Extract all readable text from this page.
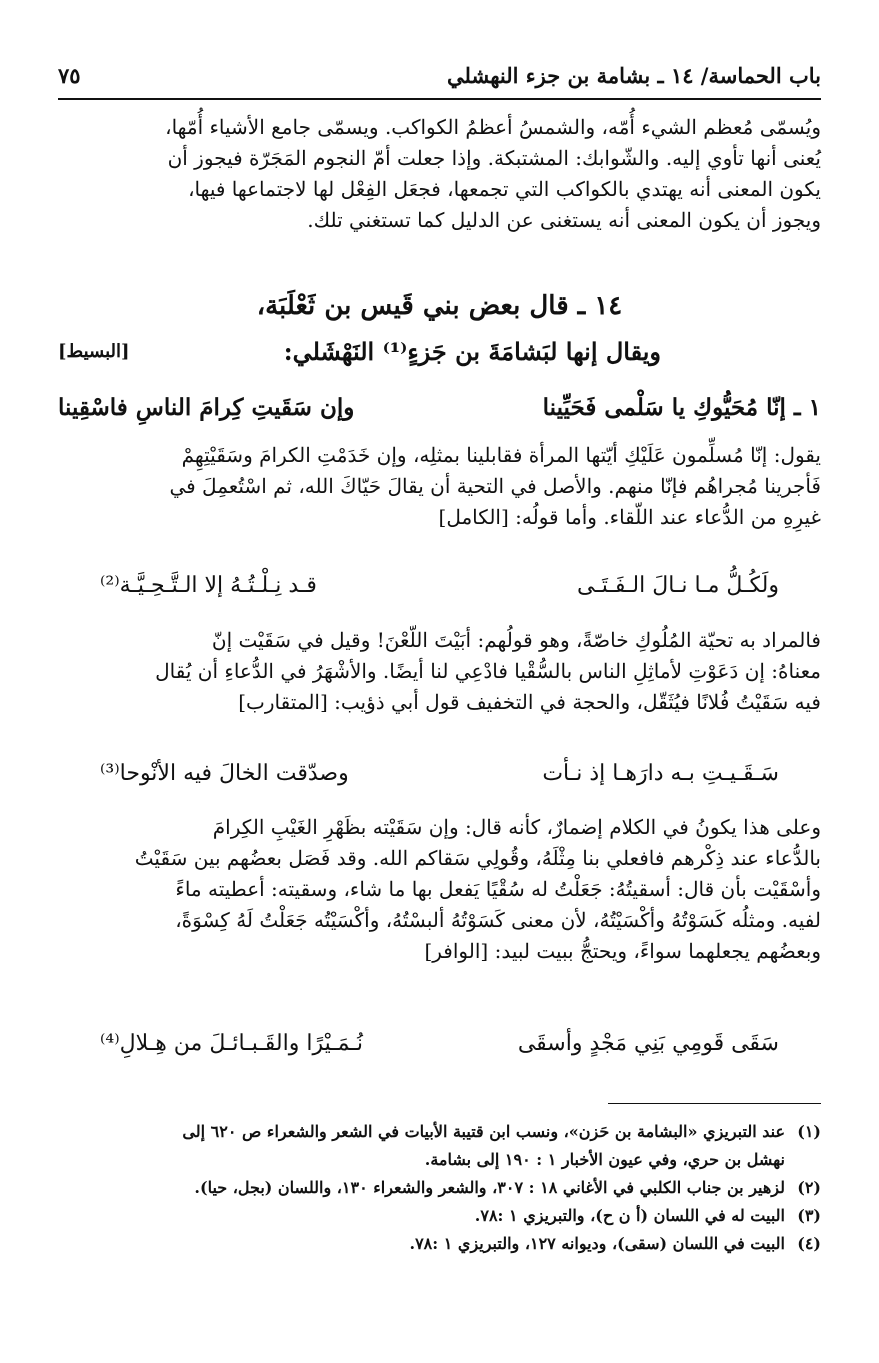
باب الحماسة/ ١٤ ـ بشامة بن جزء النهشلي
٧٥

ويُسمّى مُعظم الشيء أُمّه، والشمسُ أعظمُ الكواكب. ويسمّى جامع الأشياء أُمّها،

يُعنى أنها تأوي إليه. والشّوابك: المشتبكة. وإذا جعلت أمّ النجوم المَجَرّة فيجوز أن

يكون المعنى أنه يهتدي بالكواكب التي تجمعها، فجعَل الفِعْل لها لاجتماعها فيها،

ويجوز أن يكون المعنى أنه يستغنى عن الدليل كما تستغني تلك.

١٤ ـ قال بعض بني قَيس بن ثَعْلَبَة،
ويقال إنها لبَشامَةَ بن جَزءٍ⁽¹⁾ النَهْشَلي:
[البسيط]
١ ـ إنّا مُحَيُّوكِ يا سَلْمى فَحَيِّينا
وإن سَقَيتِ كِرامَ الناسِ فاسْقِينا

يقول: إنّا مُسلِّمون عَلَيْكِ أيّتها المرأة فقابلينا بمثلِه، وإن خَدَمْتِ الكرامَ وسَقَيْتِهِمْ

فَأجرينا مُجراهُم فإنّا منهم. والأصل في التحية أن يقالَ حَيّاكَ الله، ثم اسْتُعمِلَ في

غيرِهِ من الدُّعاء عند اللّقاء. وأما قولُه: [الكامل]

ولَكُـلُّ مـا نـالَ الـفَـتَـى
قـد نِـلْـتُـهُ إلا الـتَّـحِـيَّـة⁽²⁾

فالمراد به تحيّة المُلُوكِ خاصّةً، وهو قولُهم: أبَيْتَ اللّعْنَ! وقيل في سَقَيْت إنّ

معناهُ: إن دَعَوْتِ لأماثِلِ الناس بالسُّقْيا فادْعِي لنا أيضًا. والأشْهَرُ في الدُّعاءِ أن يُقال

فيه سَقَيْتُ فُلانًا فيُثَقّل، والحجة في التخفيف قول أبي ذؤيب: [المتقارب]

سَـقَـيـتِ بـه دارَهـا إذ نـأت
وصدّقت الخالَ فيه الأنْوحا⁽³⁾

وعلى هذا يكونُ في الكلام إضمارٌ، كأنه قال: وإن سَقَيْته بظَهْرِ الغَيْبِ الكِرامَ

بالدُّعاء عند ذِكْرهم فافعلي بنا مِثْلَهُ، وقُولِي سَقاكم الله. وقد فَصَل بعضُهم بين سَقَيْتُ

وأسْقَيْت بأن قال: أسقيتُهُ: جَعَلْتُ له سُقْيًا يَفعل بها ما شاء، وسقيته: أعطيته ماءً

لفيه. ومثلُه كَسَوْتُهُ وأكْسَيْتُهُ، لأن معنى كَسَوْتُهُ ألبسْتُهُ، وأكْسَيْتُه جَعَلْتُ لَهُ كِسْوَةً،

وبعضُهم يجعلهما سواءً، ويحتجُّ ببيت لبيد: [الوافر]

سَقَى قَومِي بَنِي مَجْدٍ وأسقَى
نُـمَـيْرًا والقَـبـائـلَ من هِـلالِ⁽⁴⁾
(١)
عند التبريزي «البشامة بن حَزن»، ونسب ابن قتيبة الأبيات في الشعر والشعراء ص ٦٢٠ إلى
نهشل بن حري، وفي عيون الأخبار ١ : ١٩٠ إلى بشامة.
(٢)
لزهير بن جناب الكلبي في الأغاني ١٨ : ٣٠٧، والشعر والشعراء ١٣٠، واللسان (بجل، حيا).
(٣)
البيت له في اللسان (أ ن ح)، والتبريزي ١ :٧٨.
(٤)
البيت في اللسان (سقى)، وديوانه ١٢٧، والتبريزي ١ :٧٨.
